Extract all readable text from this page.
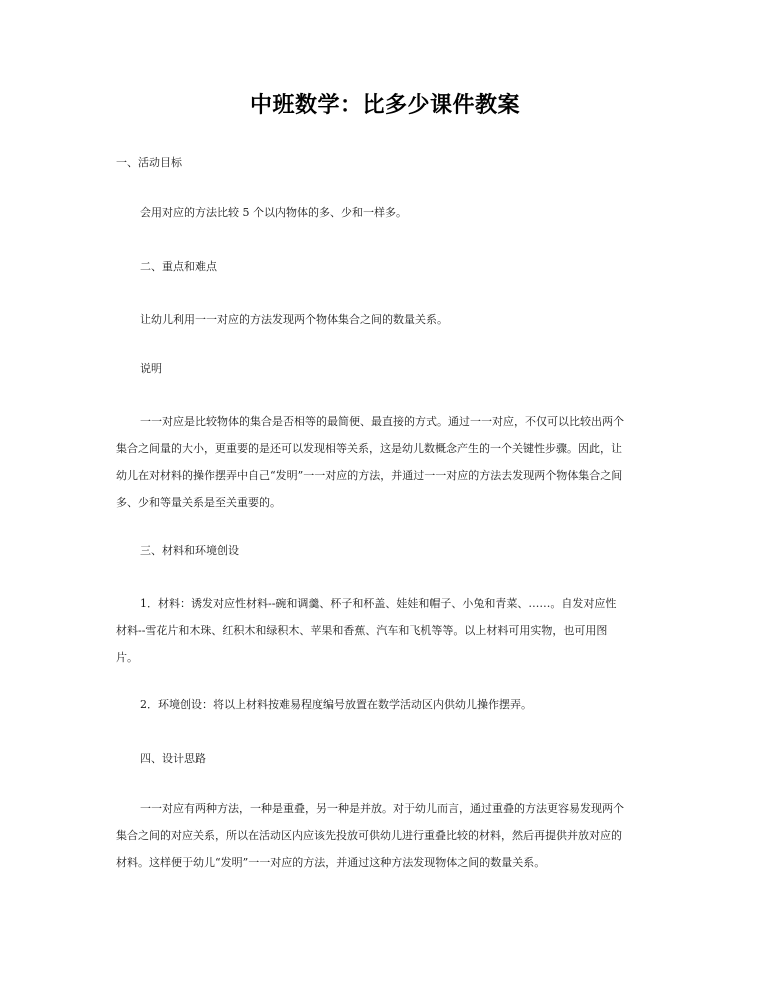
中班数学：比多少课件教案
一、活动目标
会用对应的方法比较 5 个以内物体的多、少和一样多。
二、重点和难点
让幼儿利用一一对应的方法发现两个物体集合之间的数量关系。
说明
一一对应是比较物体的集合是否相等的最简便、最直接的方式。通过一一对应，不仅可以比较出两个
集合之间量的大小，更重要的是还可以发现相等关系，这是幼儿数概念产生的一个关键性步骤。因此，让
幼儿在对材料的操作摆弄中自己“发明”一一对应的方法，并通过一一对应的方法去发现两个物体集合之间
多、少和等量关系是至关重要的。
三、材料和环境创设
1．材料：诱发对应性材料--碗和调羹、杯子和杯盖、娃娃和帽子、小兔和青菜、……。自发对应性
材料--雪花片和木珠、红积木和绿积木、苹果和香蕉、汽车和飞机等等。以上材料可用实物，也可用图
片。
2．环境创设：将以上材料按难易程度编号放置在数学活动区内供幼儿操作摆弄。
四、设计思路
一一对应有两种方法，一种是重叠，另一种是并放。对于幼儿而言，通过重叠的方法更容易发现两个
集合之间的对应关系，所以在活动区内应该先投放可供幼儿进行重叠比较的材料，然后再提供并放对应的
材料。这样便于幼儿“发明”一一对应的方法，并通过这种方法发现物体之间的数量关系。
